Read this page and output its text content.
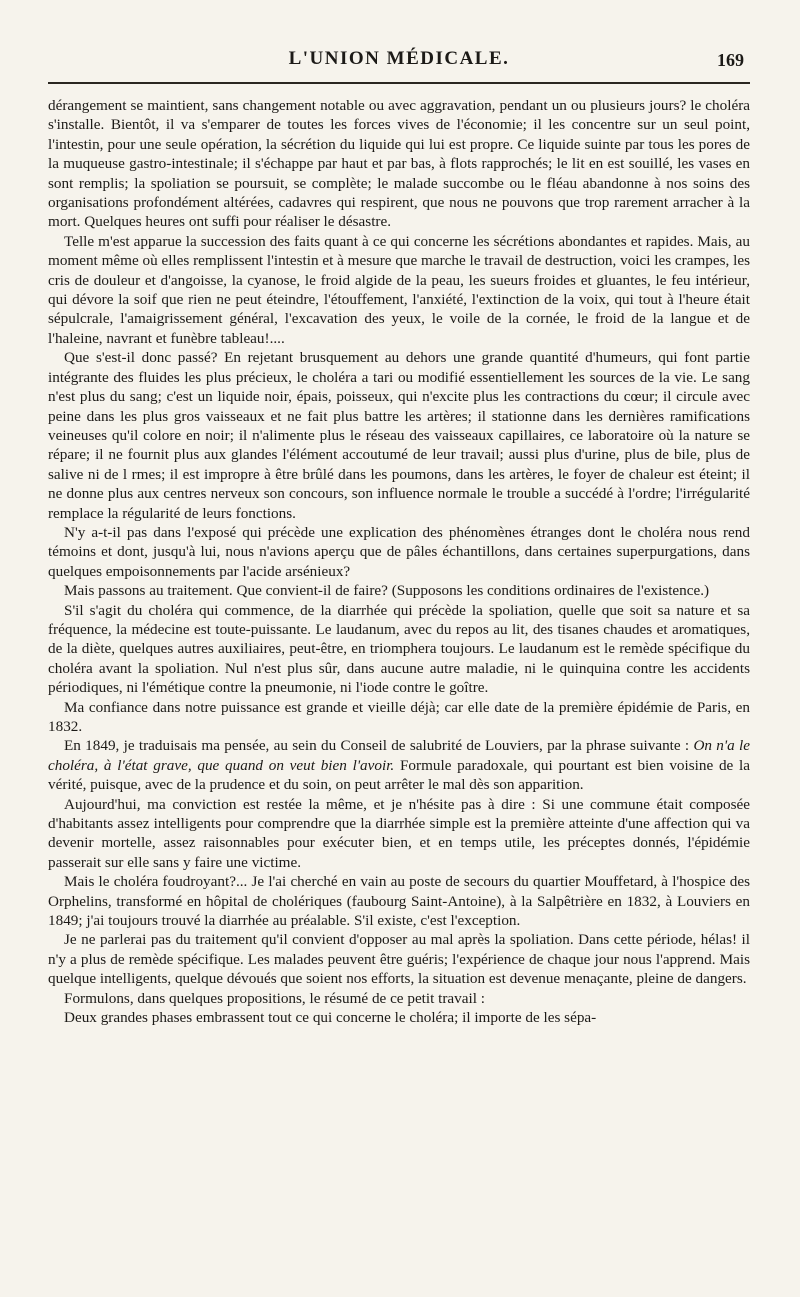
L'UNION MÉDICALE.	169

dérangement se maintient, sans changement notable ou avec aggravation, pendant un ou plusieurs jours? le choléra s'installe. Bientôt, il va s'emparer de toutes les forces vives de l'économie; il les concentre sur un seul point, l'intestin, pour une seule opération, la sécrétion du liquide qui lui est propre. Ce liquide suinte par tous les pores de la muqueuse gastro-intestinale; il s'échappe par haut et par bas, à flots rapprochés; le lit en est souillé, les vases en sont remplis; la spoliation se poursuit, se complète; le malade succombe ou le fléau abandonne à nos soins des organisations profondément altérées, cadavres qui respirent, que nous ne pouvons que trop rarement arracher à la mort. Quelques heures ont suffi pour réaliser le désastre.

Telle m'est apparue la succession des faits quant à ce qui concerne les sécrétions abondantes et rapides. Mais, au moment même où elles remplissent l'intestin et à mesure que marche le travail de destruction, voici les crampes, les cris de douleur et d'angoisse, la cyanose, le froid algide de la peau, les sueurs froides et gluantes, le feu intérieur, qui dévore la soif que rien ne peut éteindre, l'étouffement, l'anxiété, l'extinction de la voix, qui tout à l'heure était sépulcrale, l'amaigrissement général, l'excavation des yeux, le voile de la cornée, le froid de la langue et de l'haleine, navrant et funèbre tableau!....

Que s'est-il donc passé? En rejetant brusquement au dehors une grande quantité d'humeurs, qui font partie intégrante des fluides les plus précieux, le choléra a tari ou modifié essentiellement les sources de la vie. Le sang n'est plus du sang; c'est un liquide noir, épais, poisseux, qui n'excite plus les contractions du cœur; il circule avec peine dans les plus gros vaisseaux et ne fait plus battre les artères; il stationne dans les dernières ramifications veineuses qu'il colore en noir; il n'alimente plus le réseau des vaisseaux capillaires, ce laboratoire où la nature se répare; il ne fournit plus aux glandes l'élément accoutumé de leur travail; aussi plus d'urine, plus de bile, plus de salive ni de l rmes; il est impropre à être brûlé dans les poumons, dans les artères, le foyer de chaleur est éteint; il ne donne plus aux centres nerveux son concours, son influence normale le trouble a succédé à l'ordre; l'irrégularité remplace la régularité de leurs fonctions.

N'y a-t-il pas dans l'exposé qui précède une explication des phénomènes étranges dont le choléra nous rend témoins et dont, jusqu'à lui, nous n'avions aperçu que de pâles échantillons, dans certaines superpurgations, dans quelques empoisonnements par l'acide arsénieux?

Mais passons au traitement. Que convient-il de faire? (Supposons les conditions ordinaires de l'existence.)

S'il s'agit du choléra qui commence, de la diarrhée qui précède la spoliation, quelle que soit sa nature et sa fréquence, la médecine est toute-puissante. Le laudanum, avec du repos au lit, des tisanes chaudes et aromatiques, de la diète, quelques autres auxiliaires, peut-être, en triomphera toujours. Le laudanum est le remède spécifique du choléra avant la spoliation. Nul n'est plus sûr, dans aucune autre maladie, ni le quinquina contre les accidents périodiques, ni l'émétique contre la pneumonie, ni l'iode contre le goître.

Ma confiance dans notre puissance est grande et vieille déjà; car elle date de la première épidémie de Paris, en 1832.

En 1849, je traduisais ma pensée, au sein du Conseil de salubrité de Louviers, par la phrase suivante : On n'a le choléra, à l'état grave, que quand on veut bien l'avoir. Formule paradoxale, qui pourtant est bien voisine de la vérité, puisque, avec de la prudence et du soin, on peut arrêter le mal dès son apparition.

Aujourd'hui, ma conviction est restée la même, et je n'hésite pas à dire : Si une commune était composée d'habitants assez intelligents pour comprendre que la diarrhée simple est la première atteinte d'une affection qui va devenir mortelle, assez raisonnables pour exécuter bien, et en temps utile, les préceptes donnés, l'épidémie passerait sur elle sans y faire une victime.

Mais le choléra foudroyant?... Je l'ai cherché en vain au poste de secours du quartier Mouffetard, à l'hospice des Orphelins, transformé en hôpital de cholériques (faubourg Saint-Antoine), à la Salpêtrière en 1832, à Louviers en 1849; j'ai toujours trouvé la diarrhée au préalable. S'il existe, c'est l'exception.

Je ne parlerai pas du traitement qu'il convient d'opposer au mal après la spoliation. Dans cette période, hélas! il n'y a plus de remède spécifique. Les malades peuvent être guéris; l'expérience de chaque jour nous l'apprend. Mais quelque intelligents, quelque dévoués que soient nos efforts, la situation est devenue menaçante, pleine de dangers.

Formulons, dans quelques propositions, le résumé de ce petit travail :

Deux grandes phases embrassent tout ce qui concerne le choléra; il importe de les sépa-
